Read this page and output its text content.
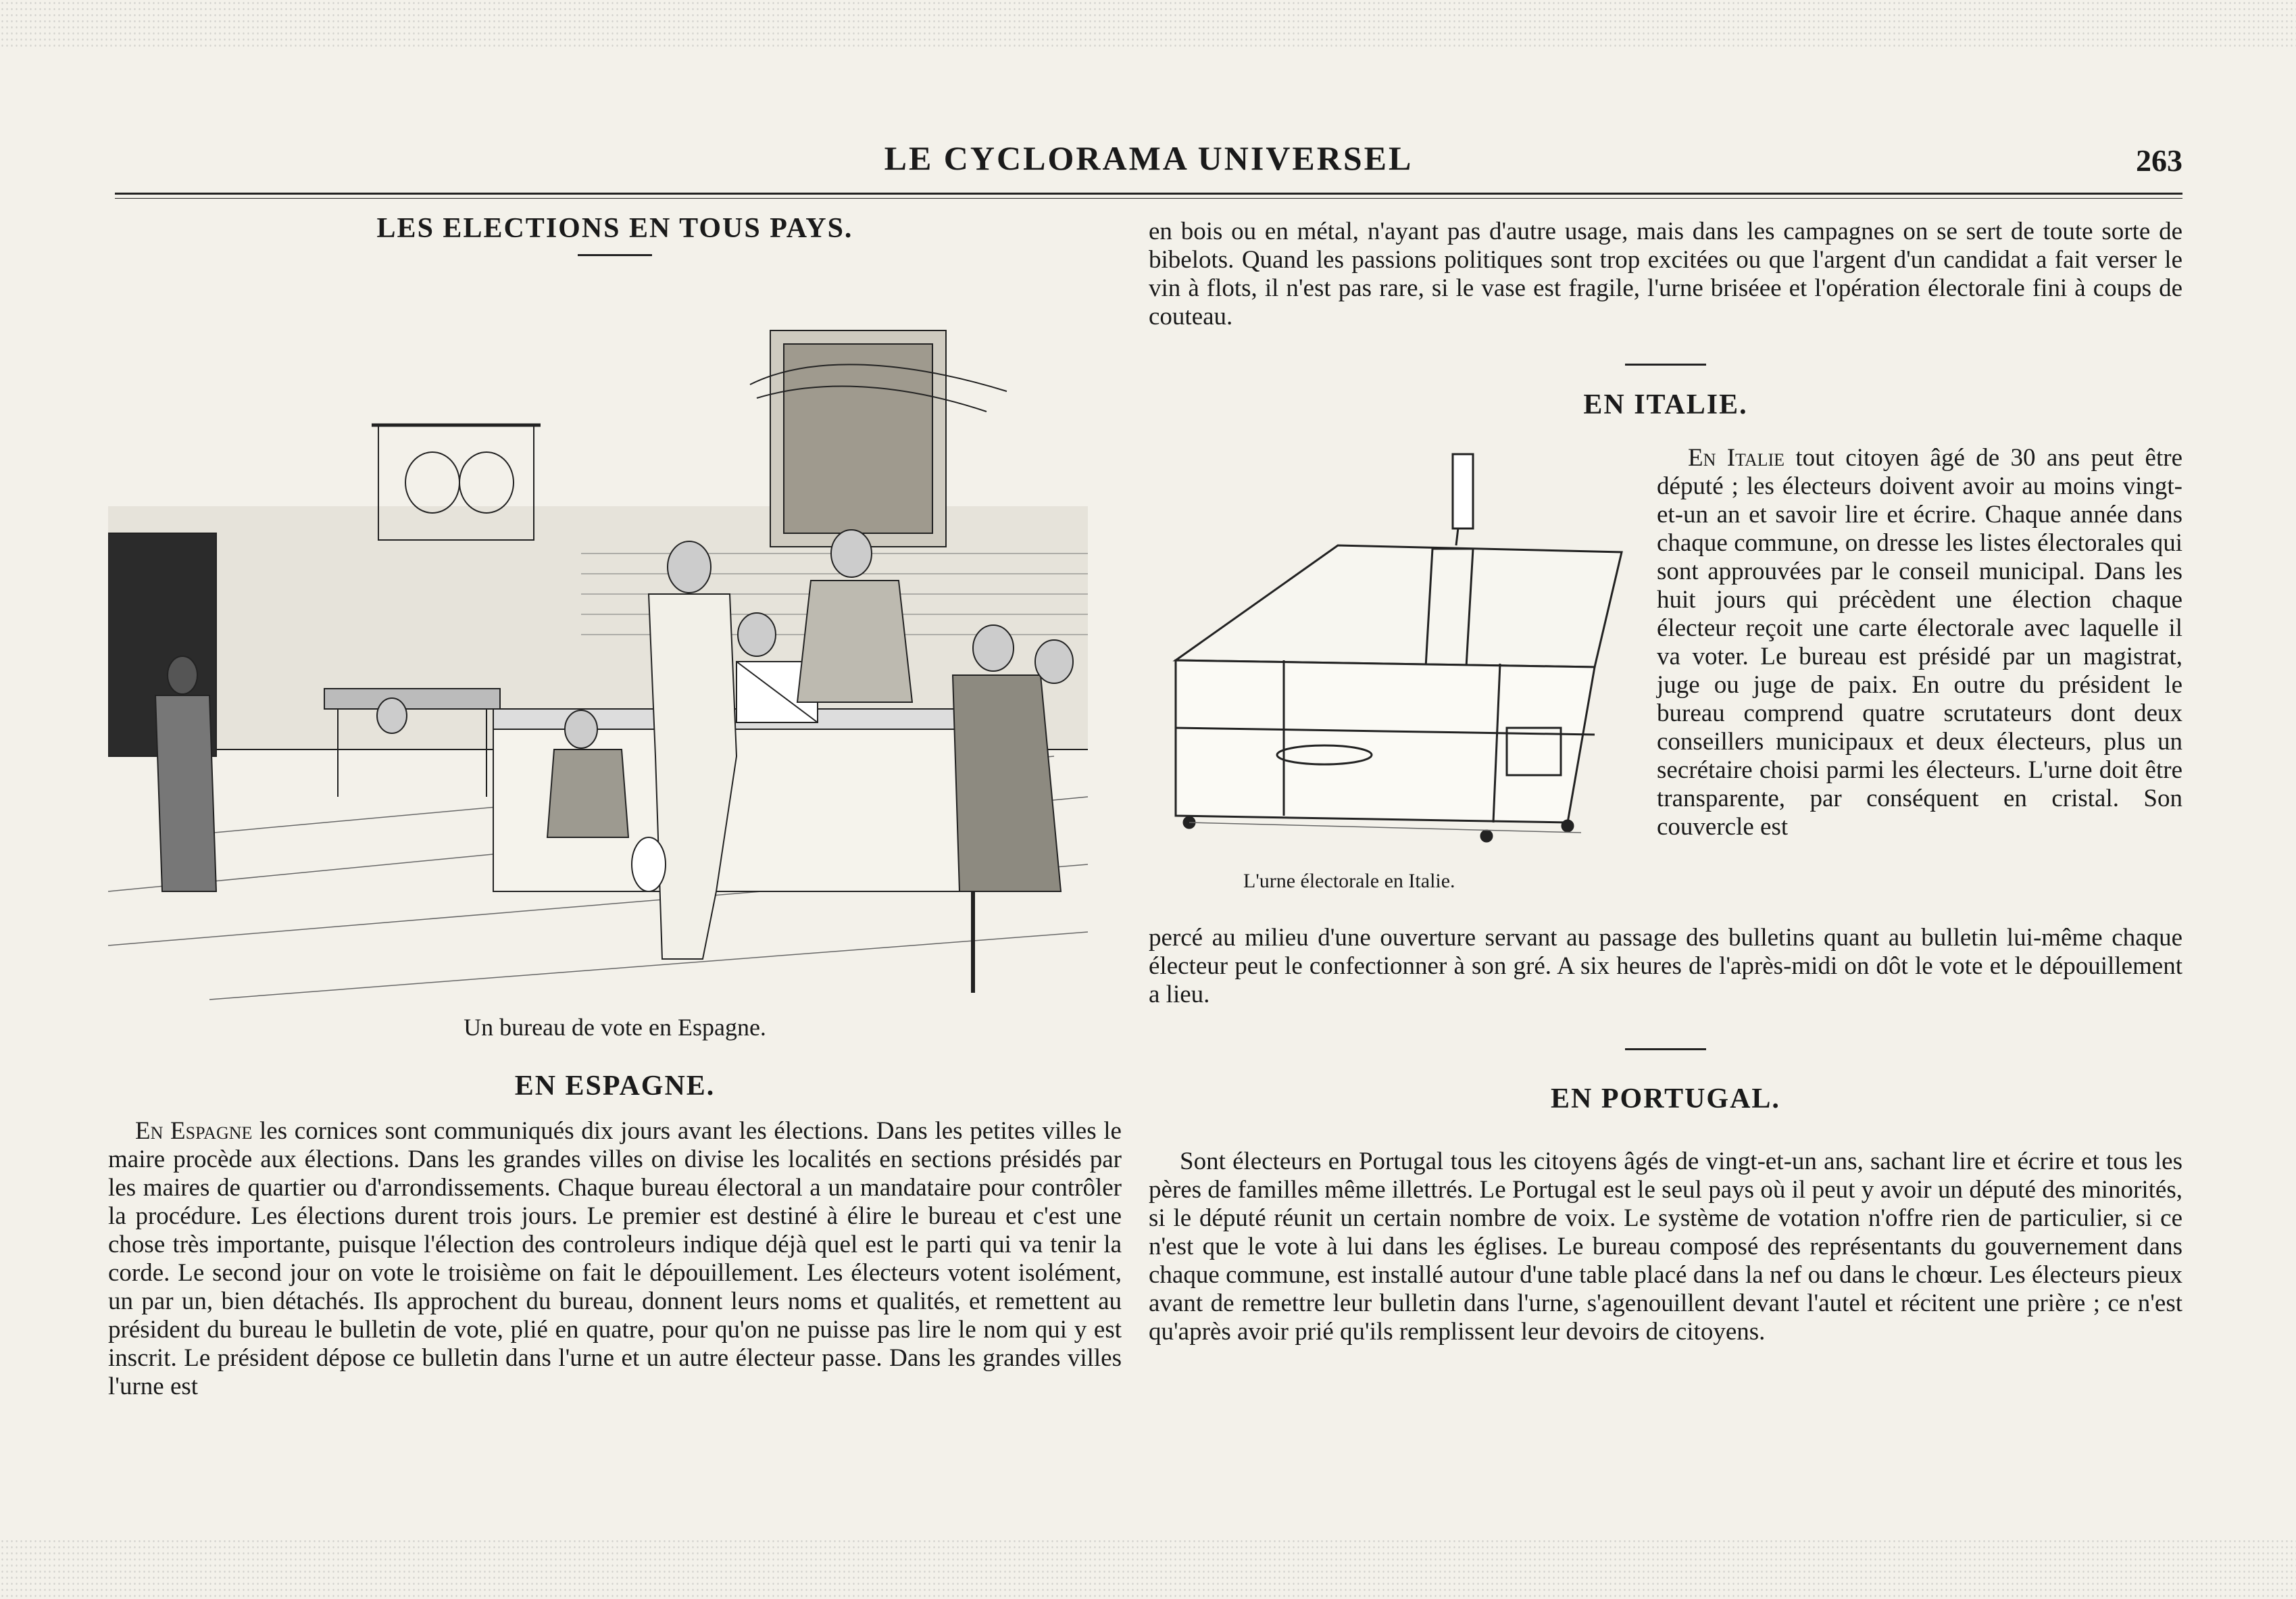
LE CYCLORAMA UNIVERSEL	263
LES ELECTIONS EN TOUS PAYS.
Un bureau de vote en Espagne.
EN ESPAGNE.

En Espagne les cornices sont communiqués dix jours avant les élections. Dans les petites villes le maire procède aux élections. Dans les grandes villes on divise les localités en sections présidés par les maires de quartier ou d'arrondissements. Chaque bureau électoral a un mandataire pour contrôler la procédure. Les élections durent trois jours. Le premier est destiné à élire le bureau et c'est une chose très importante, puisque l'élection des controleurs indique déjà quel est le parti qui va tenir la corde. Le second jour on vote le troisième on fait le dépouillement. Les électeurs votent isolément, un par un, bien détachés. Ils approchent du bureau, donnent leurs noms et qualités, et remettent au président du bureau le bulletin de vote, plié en quatre, pour qu'on ne puisse pas lire le nom qui y est inscrit. Le président dépose ce bulletin dans l'urne et un autre électeur passe. Dans les grandes villes l'urne est

en bois ou en métal, n'ayant pas d'autre usage, mais dans les campagnes on se sert de toute sorte de bibelots. Quand les passions politiques sont trop excitées ou que l'argent d'un candidat a fait verser le vin à flots, il n'est pas rare, si le vase est fragile, l'urne briséee et l'opération électorale fini à coups de couteau.

EN ITALIE.
L'urne électorale en Italie.

En Italie tout citoyen âgé de 30 ans peut être député ; les électeurs doivent avoir au moins vingt-et-un an et savoir lire et écrire. Chaque année dans chaque commune, on dresse les listes électorales qui sont approuvées par le conseil municipal. Dans les huit jours qui précèdent une élection chaque électeur reçoit une carte électorale avec laquelle il va voter. Le bureau est présidé par un magistrat, juge ou juge de paix. En outre du président le bureau comprend quatre scrutateurs dont deux conseillers municipaux et deux électeurs, plus un secrétaire choisi parmi les électeurs. L'urne doit être transparente, par conséquent en cristal. Son couvercle est

percé au milieu d'une ouverture servant au passage des bulletins quant au bulletin lui-même chaque électeur peut le confectionner à son gré. A six heures de l'après-midi on dôt le vote et le dépouillement a lieu.

EN PORTUGAL.

Sont électeurs en Portugal tous les citoyens âgés de vingt-et-un ans, sachant lire et écrire et tous les pères de familles même illettrés. Le Portugal est le seul pays où il peut y avoir un député des minorités, si le député réunit un certain nombre de voix. Le système de votation n'offre rien de particulier, si ce n'est que le vote à lui dans les églises. Le bureau composé des représentants du gouvernement dans chaque commune, est installé autour d'une table placé dans la nef ou dans le chœur. Les électeurs pieux avant de remettre leur bulletin dans l'urne, s'agenouillent devant l'autel et récitent une prière ; ce n'est qu'après avoir prié qu'ils remplissent leur devoirs de citoyens.
